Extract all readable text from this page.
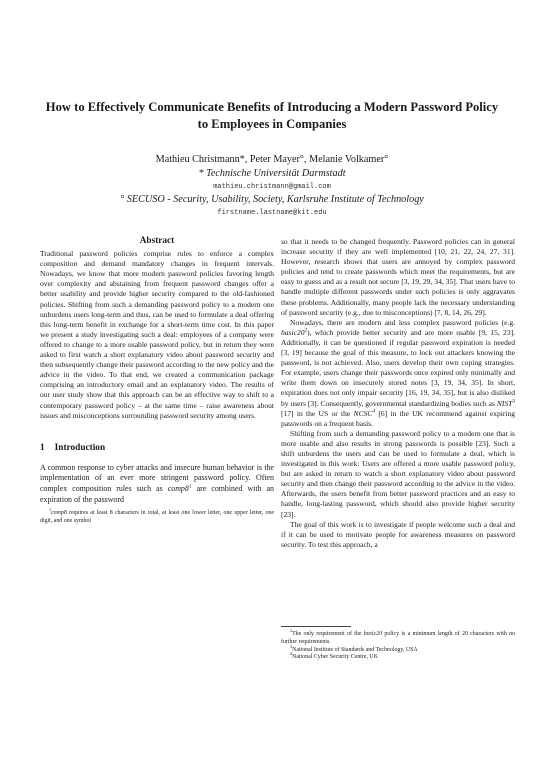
How to Effectively Communicate Benefits of Introducing a Modern Password Policy to Employees in Companies
Mathieu Christmann*, Peter Mayer°, Melanie Volkamer°
* Technische Universität Darmstadt
mathieu.christmann@gmail.com
° SECUSO - Security, Usability, Society, Karlsruhe Institute of Technology
firstname.lastname@kit.edu
Abstract

Traditional password policies comprise rules to enforce a complex composition and demand mandatory changes in frequent intervals. Nowadays, we know that more modern password policies favoring length over complexity and abstaining from frequent password changes offer a better usability and provide higher security compared to the old-fashioned policies. Shifting from such a demanding password policy to a modern one unburdens users long-term and thus, can be used to formulate a deal offering this long-term benefit in exchange for a short-term time cost. In this paper we present a study investigating such a deal: employees of a company were offered to change to a more usable password policy, but in return they were asked to first watch a short explanatory video about password security and then subsequently change their password according to the new policy and the advice in the video. To that end, we created a communication package comprising an introductory email and an explanatory video. The results of our user study show that this approach can be an effective way to shift to a contemporary password policy – at the same time – raise awareness about issues and misconceptions surrounding password security among users.

1 Introduction

A common response to cyber attacks and insecure human behavior is the implementation of an ever more stringent password policy. Often complex composition rules such as $comp8^1$ are combined with an expiration of the password

$^1$comp8 requires at least 8 characters in total, at least one lower letter, one upper letter, one digit, and one symbol

so that it needs to be changed frequently. Password policies can in general increase security if they are well implemented [10, 21, 22, 24, 27, 31]. However, research shows that users are annoyed by complex password policies and tend to create passwords which meet the requirements, but are easy to guess and as a result not secure [3, 19, 29, 34, 35]. That users have to handle multiple different passwords under such policies is only aggravates these problems. Additionally, many people lack the necessary understanding of password security (e.g., due to misconceptions) [7, 8, 14, 26, 29].

Nowadays, there are modern and less complex password policies (e.g. $basic20^2$), which provide better security and are more usable [9, 15, 23]. Additionally, it can be questioned if regular password expiration is needed [3, 19] because the goal of this measure, to lock out attackers knowing the password, is not achieved. Also, users develop their own coping strategies. For example, users change their passwords once expired only minimally and write them down on insecurely stored notes [3, 19, 34, 35]. In short, expiration does not only impair security [16, 19, 34, 35], but is also disliked by users [3]. Consequently, governmental standardizing bodies such as NIST$^3$ [17] in the US or the NCSC$^4$ [6] in the UK recommend against expiring passwords on a frequent basis.

Shifting from such a demanding password policy to a modern one that is more usable and also results in strong passwords is possible [23]. Such a shift unburdens the users and can be used to formulate a deal, which is investigated in this work: Users are offered a more usable password policy, but are asked in return to watch a short explanatory video about password security and then change their password according to the advice in the video. Afterwards, the users benefit from better password practices and an easy to handle, long-lasting password, which should also provide higher security [23].

The goal of this work is to investigate if people welcome such a deal and if it can be used to motivate people for awareness measures on password security. To test this approach, a

$^2$The only requirement of the basic20 policy is a minimum length of 20 characters with no further requirements.
$^3$National Institute of Standards and Technology, USA
$^4$National Cyber Security Centre, UK
